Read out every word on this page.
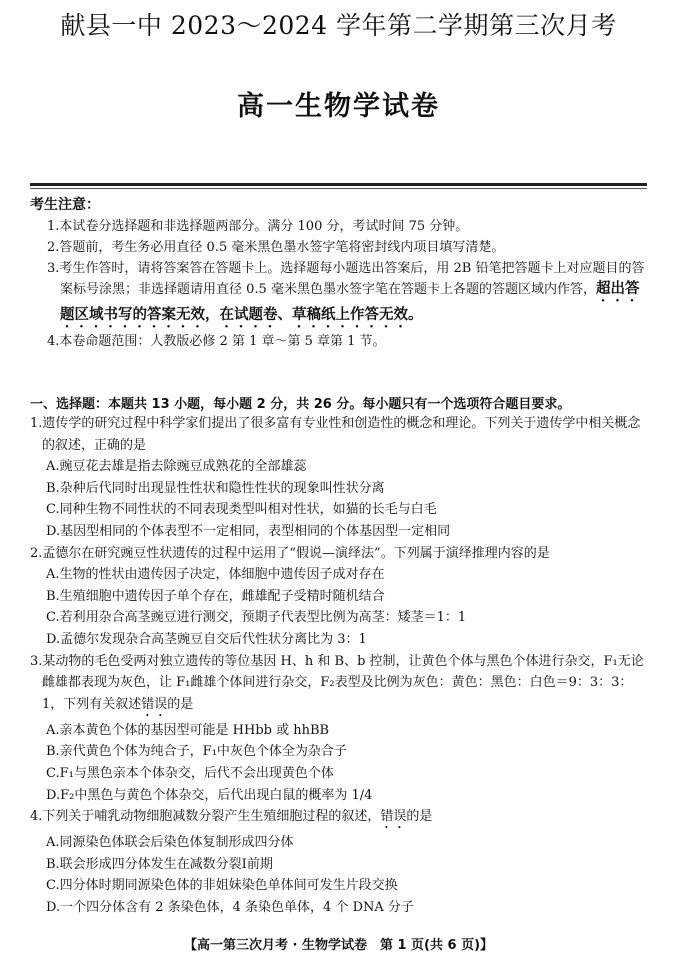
献县一中 2023～2024 学年第二学期第三次月考
高一生物学试卷
考生注意：
1.本试卷分选择题和非选择题两部分。满分 100 分，考试时间 75 分钟。
2.答题前，考生务必用直径 0.5 毫米黑色墨水签字笔将密封线内项目填写清楚。
3.考生作答时，请将答案答在答题卡上。选择题每小题选出答案后，用 2B 铅笔把答题卡上对应题目的答案标号涂黑；非选择题请用直径 0.5 毫米黑色墨水签字笔在答题卡上各题的答题区域内作答，超出答题区域书写的答案无效，在试题卷、草稿纸上作答无效。
4.本卷命题范围：人教版必修 2 第 1 章～第 5 章第 1 节。
一、选择题：本题共 13 小题，每小题 2 分，共 26 分。每小题只有一个选项符合题目要求。
1.遗传学的研究过程中科学家们提出了很多富有专业性和创造性的概念和理论。下列关于遗传学中相关概念的叙述，正确的是
A.豌豆花去雄是指去除豌豆成熟花的全部雄蕊
B.杂种后代同时出现显性性状和隐性性状的现象叫性状分离
C.同种生物不同性状的不同表现类型叫相对性状，如猫的长毛与白毛
D.基因型相同的个体表型不一定相同，表型相同的个体基因型一定相同
2.孟德尔在研究豌豆性状遗传的过程中运用了“假说—演绎法”。下列属于演绎推理内容的是
A.生物的性状由遗传因子决定，体细胞中遗传因子成对存在
B.生殖细胞中遗传因子单个存在，雌雄配子受精时随机结合
C.若利用杂合高茎豌豆进行测交，预期子代表型比例为高茎：矮茎＝1：1
D.孟德尔发现杂合高茎豌豆自交后代性状分离比为 3：1
3.某动物的毛色受两对独立遗传的等位基因 H、h 和 B、b 控制，让黄色个体与黑色个体进行杂交，F₁无论雌雄都表现为灰色，让 F₁雌雄个体间进行杂交，F₂表型及比例为灰色：黄色：黑色：白色＝9：3：3：1，下列有关叙述错误的是
A.亲本黄色个体的基因型可能是 HHbb 或 hhBB
B.亲代黄色个体为纯合子，F₁中灰色个体全为杂合子
C.F₁与黑色亲本个体杂交，后代不会出现黄色个体
D.F₂中黑色与黄色个体杂交，后代出现白鼠的概率为 1/4
4.下列关于哺乳动物细胞减数分裂产生生殖细胞过程的叙述，错误的是
A.同源染色体联会后染色体复制形成四分体
B.联会形成四分体发生在减数分裂Ⅰ前期
C.四分体时期同源染色体的非姐妹染色单体间可发生片段交换
D.一个四分体含有 2 条染色体，4 条染色单体，4 个 DNA 分子
【高一第三次月考 · 生物学试卷　第 1 页(共 6 页)】
